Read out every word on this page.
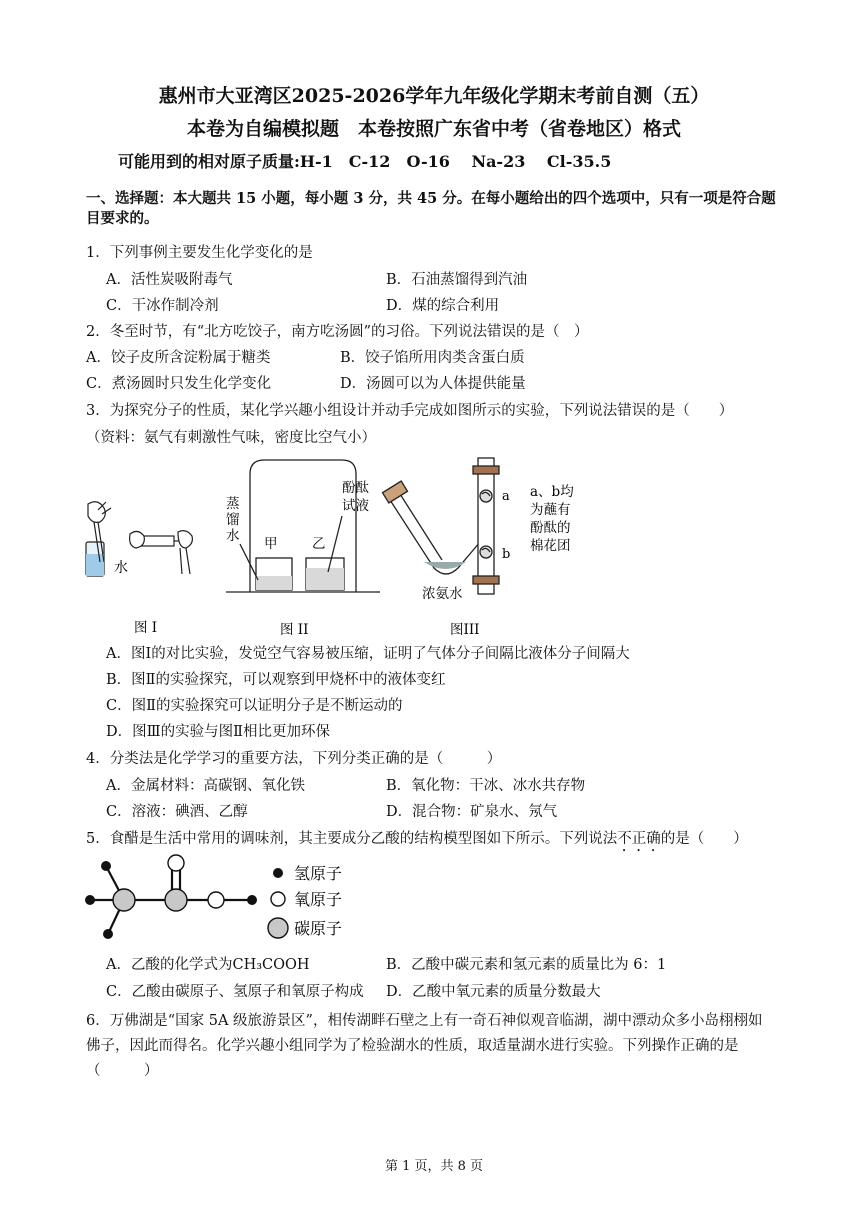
惠州市大亚湾区2025-2026学年九年级化学期末考前自测（五）
本卷为自编模拟题　本卷按照广东省中考（省卷地区）格式
可能用到的相对原子质量:H-1　C-12　O-16　 Na-23　 Cl-35.5
一、选择题：本大题共 15 小题，每小题 3 分，共 45 分。在每小题给出的四个选项中，只有一项是符合题
目要求的。
1．下列事例主要发生化学变化的是
A．活性炭吸附毒气	B．石油蒸馏得到汽油
C．干冰作制冷剂	D．煤的综合利用
2．冬至时节，有“北方吃饺子，南方吃汤圆”的习俗。下列说法错误的是（　）
A．饺子皮所含淀粉属于糖类	B．饺子馅所用肉类含蛋白质
C．煮汤圆时只发生化学变化	D．汤圆可以为人体提供能量
3．为探究分子的性质，某化学兴趣小组设计并动手完成如图所示的实验，下列说法错误的是（　　）
（资料：氨气有刺激性气味，密度比空气小）
水
蒸
馏
水 甲	乙
酚酞
试液
a
b
a、b均
为蘸有
酚酞的
棉花团
浓氨水
图 I	图 II	图III
A．图Ⅰ的对比实验，发觉空气容易被压缩，证明了气体分子间隔比液体分子间隔大
B．图Ⅱ的实验探究，可以观察到甲烧杯中的液体变红
C．图Ⅱ的实验探究可以证明分子是不断运动的
D．图Ⅲ的实验与图Ⅱ相比更加环保
4．分类法是化学学习的重要方法，下列分类正确的是（　　　）
A．金属材料：高碳钢、氧化铁	B．氧化物：干冰、冰水共存物
C．溶液：碘酒、乙醇	D．混合物：矿泉水、氖气
5．食醋是生活中常用的调味剂，其主要成分乙酸的结构模型图如下所示。下列说法不正确的是（　　）
氢原子
氧原子
碳原子
A．乙酸的化学式为CH₃COOH	B．乙酸中碳元素和氢元素的质量比为 6：1
C．乙酸由碳原子、氢原子和氧原子构成 D．乙酸中氧元素的质量分数最大
6．万佛湖是“国家 5A 级旅游景区”，相传湖畔石壁之上有一奇石神似观音临湖，湖中漂动众多小岛栩栩如
佛子，因此而得名。化学兴趣小组同学为了检验湖水的性质，取适量湖水进行实验。下列操作正确的是
（　　　）
第 1 页，共 8 页
